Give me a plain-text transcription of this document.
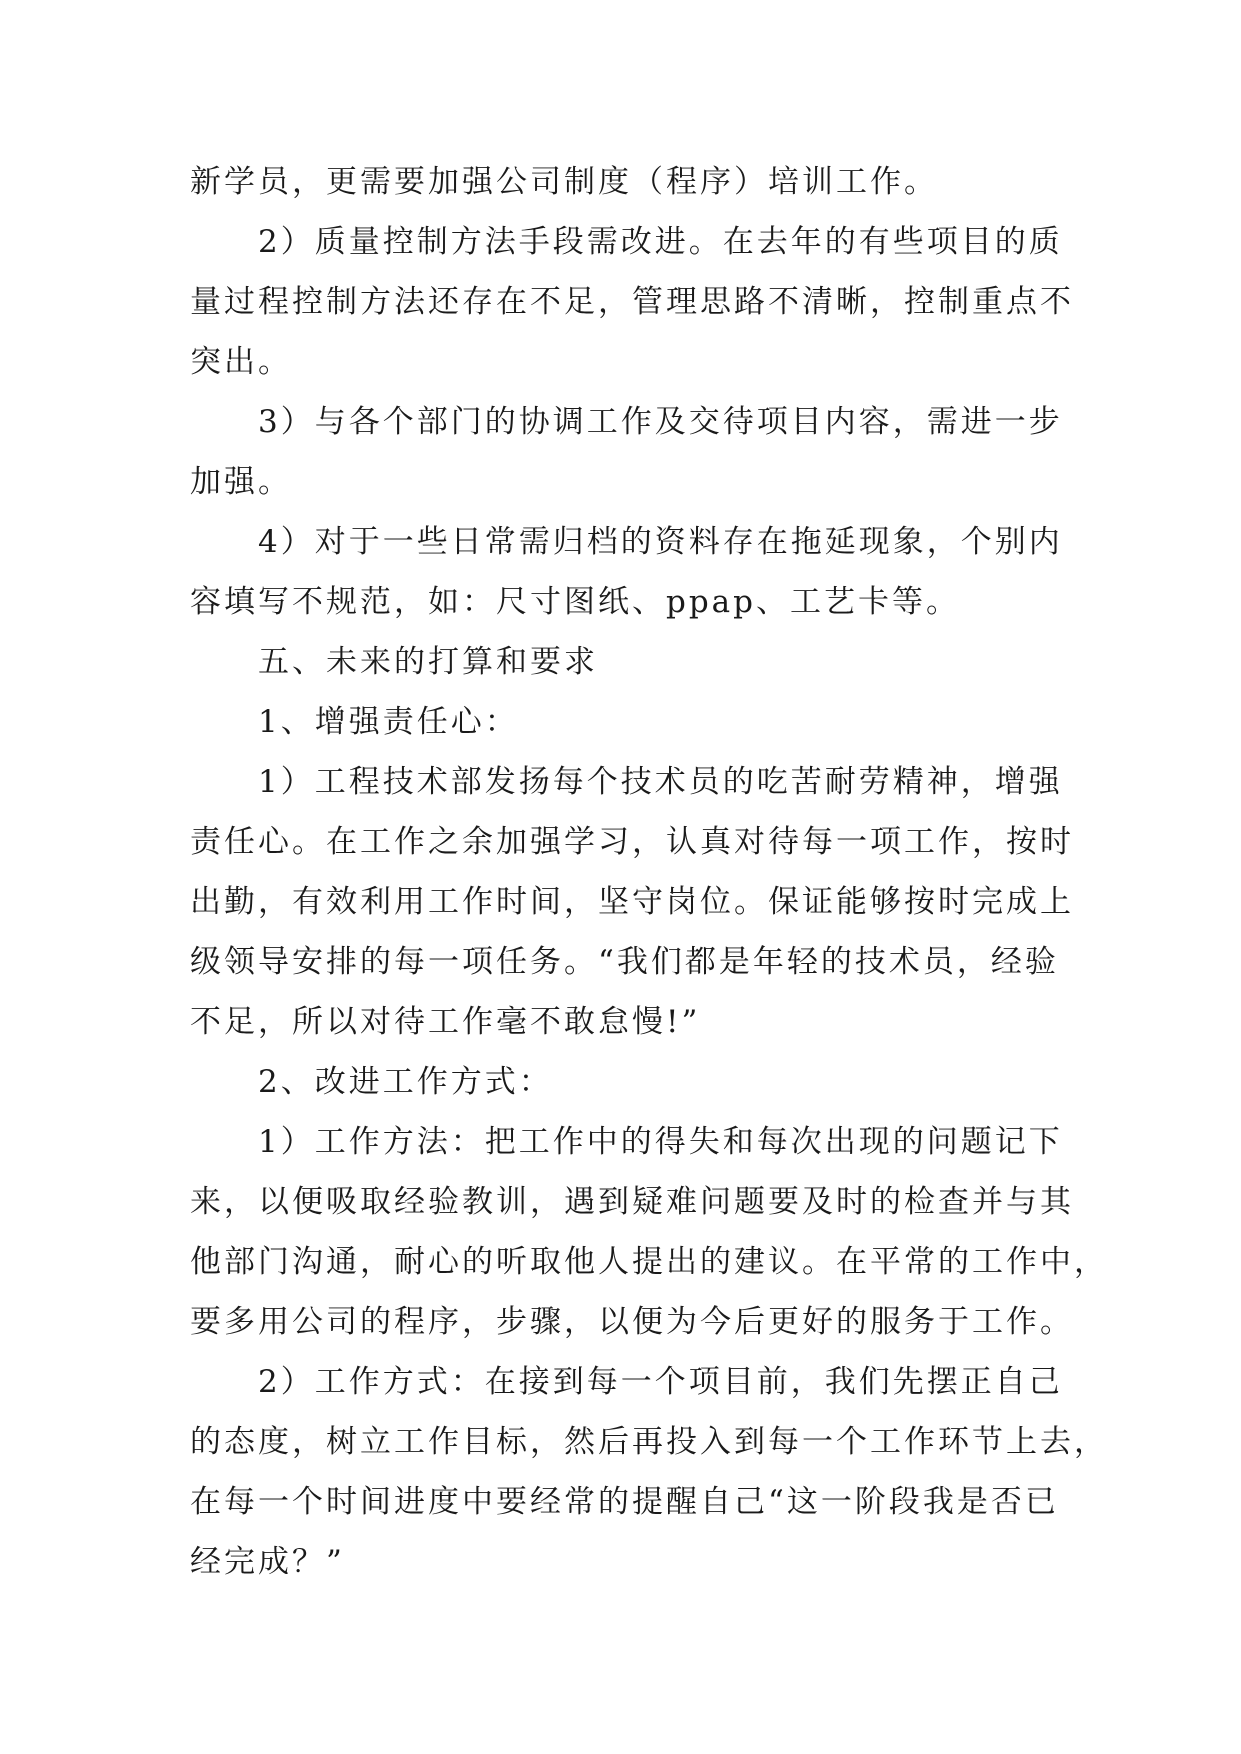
新学员，更需要加强公司制度（程序）培训工作。
2）质量控制方法手段需改进。在去年的有些项目的质
量过程控制方法还存在不足，管理思路不清晰，控制重点不
突出。
3）与各个部门的协调工作及交待项目内容，需进一步
加强。
4）对于一些日常需归档的资料存在拖延现象，个别内
容填写不规范，如：尺寸图纸、ppap、工艺卡等。
五、未来的打算和要求
1、增强责任心：
1）工程技术部发扬每个技术员的吃苦耐劳精神，增强
责任心。在工作之余加强学习，认真对待每一项工作，按时
出勤，有效利用工作时间，坚守岗位。保证能够按时完成上
级领导安排的每一项任务。“我们都是年轻的技术员，经验
不足，所以对待工作毫不敢怠慢!”
2、改进工作方式：
1）工作方法：把工作中的得失和每次出现的问题记下
来，以便吸取经验教训，遇到疑难问题要及时的检查并与其
他部门沟通，耐心的听取他人提出的建议。在平常的工作中，
要多用公司的程序，步骤，以便为今后更好的服务于工作。
2）工作方式：在接到每一个项目前，我们先摆正自己
的态度，树立工作目标，然后再投入到每一个工作环节上去，
在每一个时间进度中要经常的提醒自己“这一阶段我是否已
经完成？”
